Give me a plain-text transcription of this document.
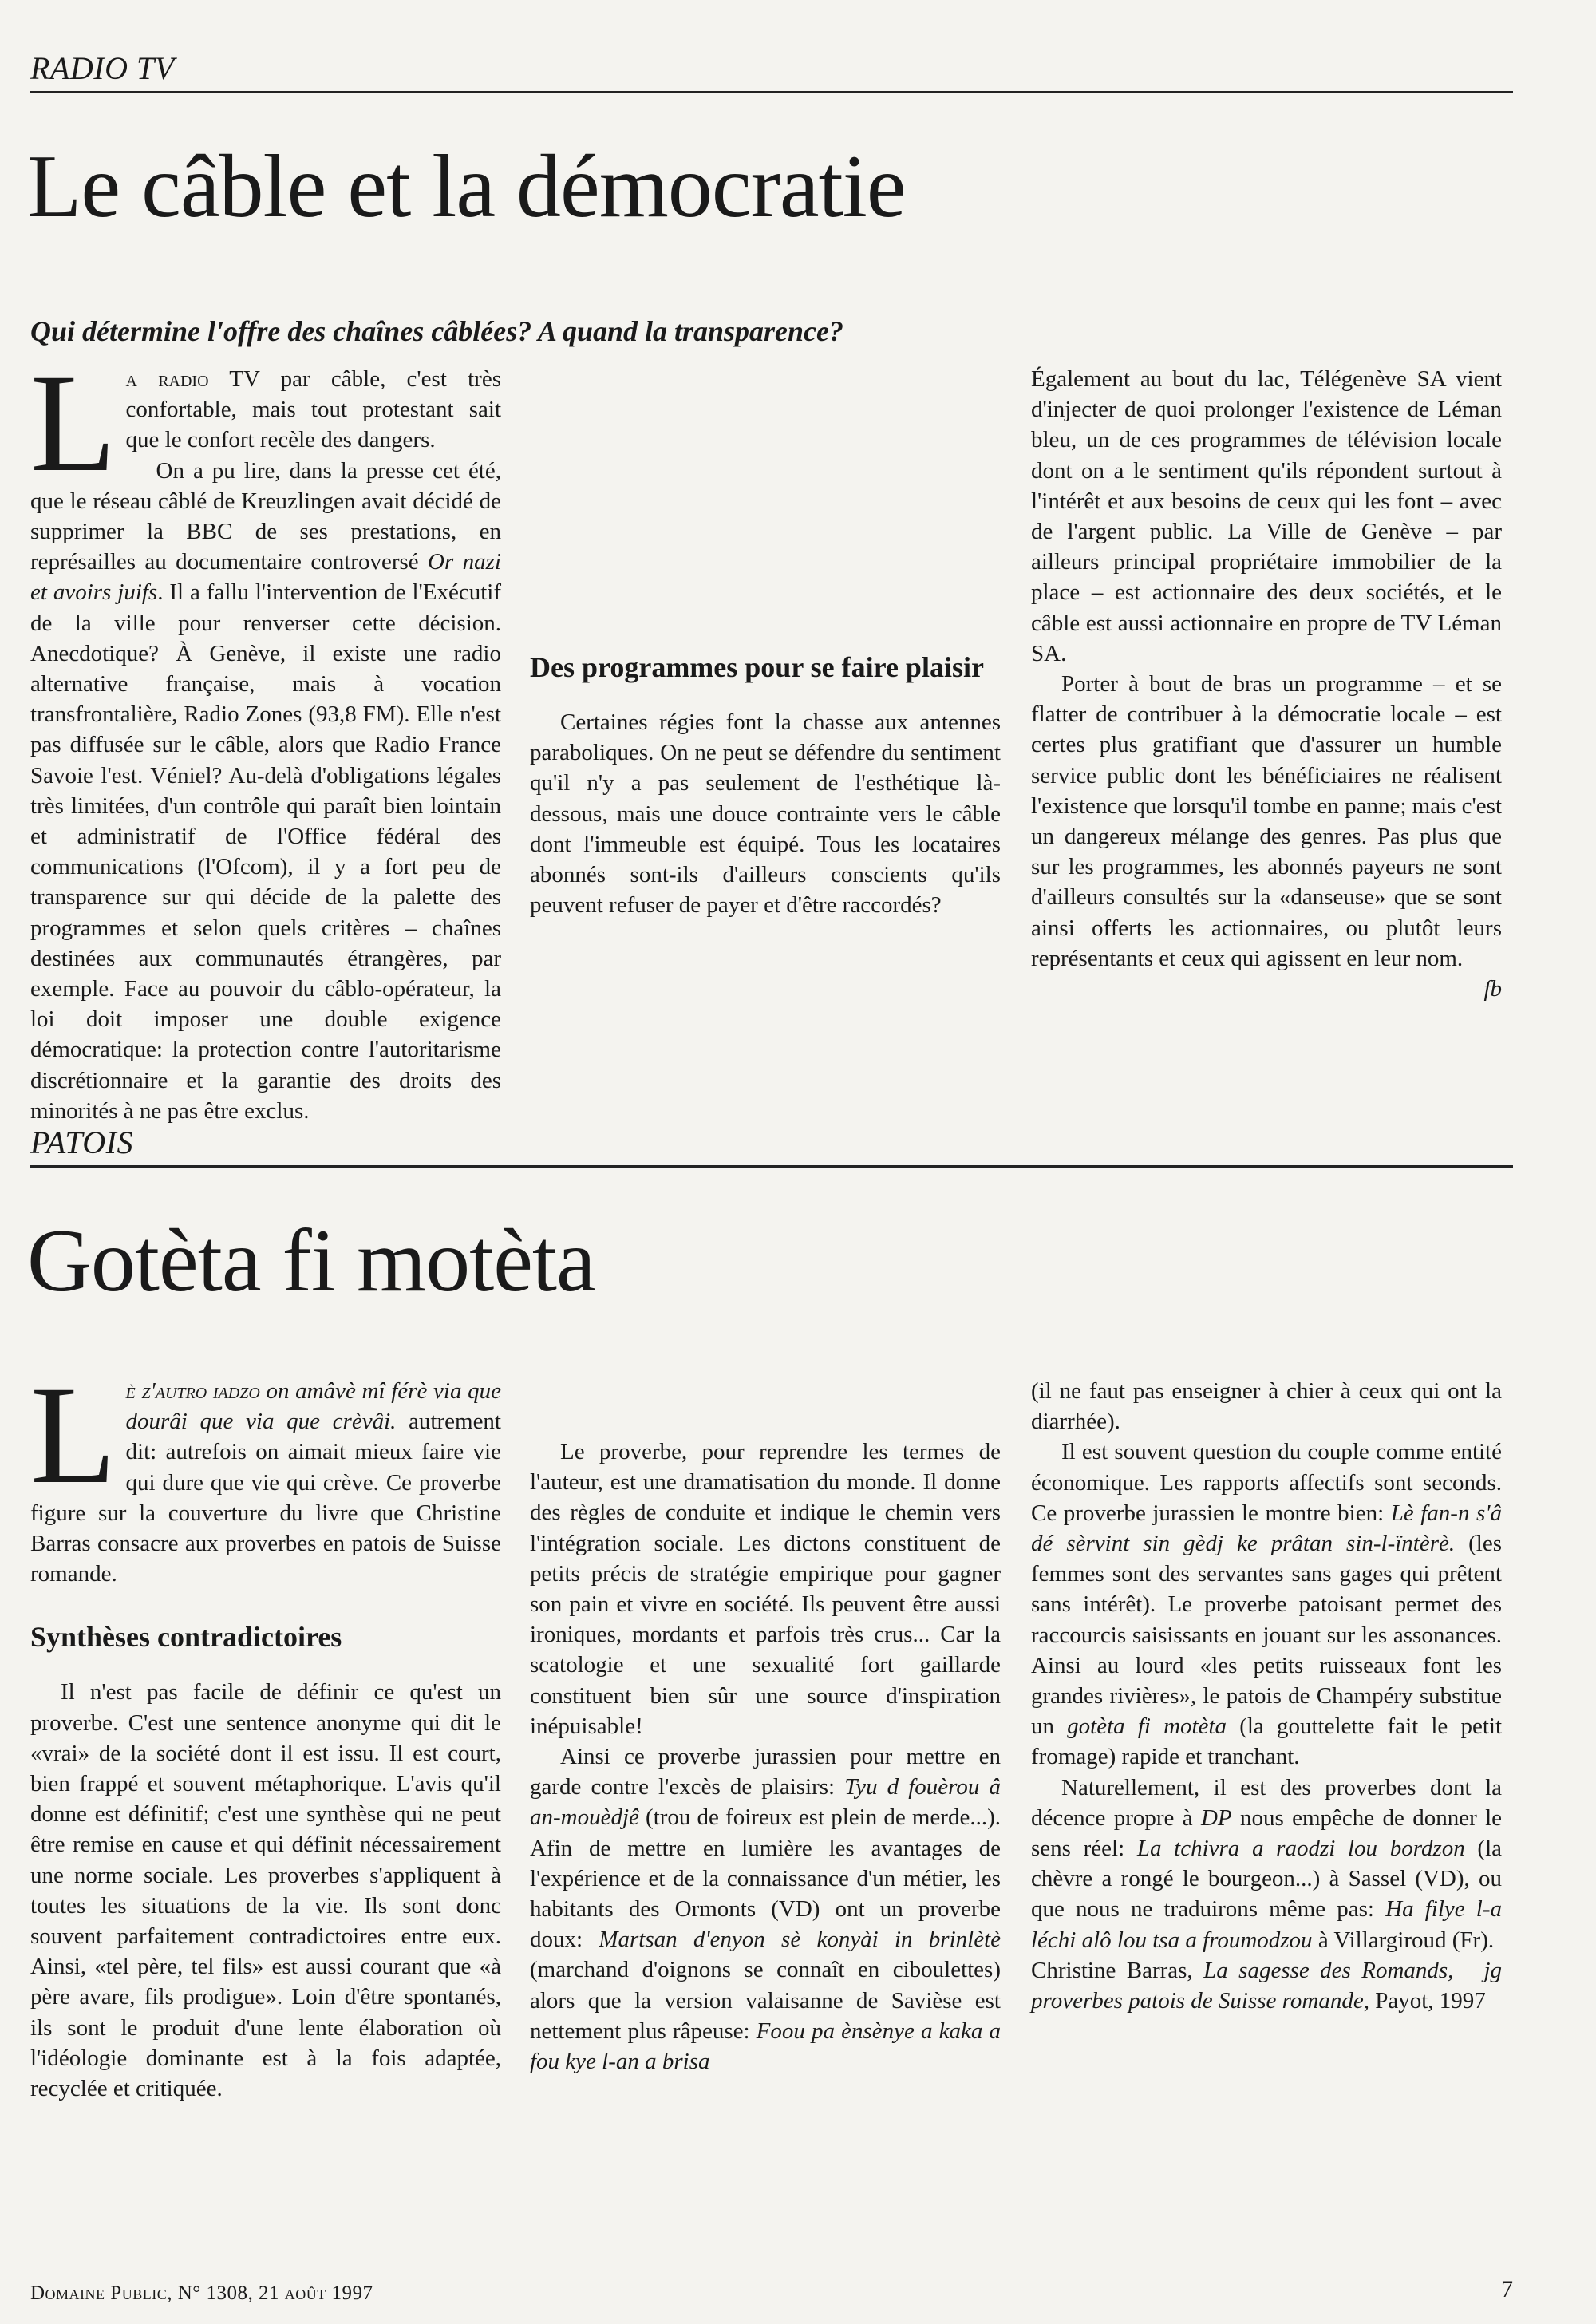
RADIO TV
Le câble et la démocratie
Qui détermine l'offre des chaînes câblées? A quand la transparence?

La radio TV par câble, c'est très confortable, mais tout protestant sait que le confort recèle des dangers.

On a pu lire, dans la presse cet été, que le réseau câblé de Kreuzlingen avait décidé de supprimer la BBC de ses prestations, en représailles au documentaire controversé Or nazi et avoirs juifs. Il a fallu l'intervention de l'Exécutif de la ville pour renverser cette décision. Anecdotique? À Genève, il existe une radio alternative française, mais à vocation transfrontalière, Radio Zones (93,8 FM). Elle n'est pas diffusée sur le câble, alors que Radio France Savoie l'est. Véniel? Au-delà d'obligations légales très limitées, d'un contrôle qui paraît bien lointain et administratif de l'Office fédéral des communications (l'Ofcom), il y a fort peu de transparence sur qui décide de la palette des programmes et selon quels critères – chaînes destinées aux communautés étrangères, par exemple. Face au pouvoir du câblo-opérateur, la loi doit imposer une double exigence démocratique: la protection contre l'autoritarisme discrétionnaire et la garantie des droits des minorités à ne pas être exclus.

Des programmes pour se faire plaisir

Certaines régies font la chasse aux antennes paraboliques. On ne peut se défendre du sentiment qu'il n'y a pas seulement de l'esthétique là-dessous, mais une douce contrainte vers le câble dont l'immeuble est équipé. Tous les locataires abonnés sont-ils d'ailleurs conscients qu'ils peuvent refuser de payer et d'être raccordés?

Également au bout du lac, Télégenève SA vient d'injecter de quoi prolonger l'existence de Léman bleu, un de ces programmes de télévision locale dont on a le sentiment qu'ils répondent surtout à l'intérêt et aux besoins de ceux qui les font – avec de l'argent public. La Ville de Genève – par ailleurs principal propriétaire immobilier de la place – est actionnaire des deux sociétés, et le câble est aussi actionnaire en propre de TV Léman SA.

Porter à bout de bras un programme – et se flatter de contribuer à la démocratie locale – est certes plus gratifiant que d'assurer un humble service public dont les bénéficiaires ne réalisent l'existence que lorsqu'il tombe en panne; mais c'est un dangereux mélange des genres. Pas plus que sur les programmes, les abonnés payeurs ne sont d'ailleurs consultés sur la «danseuse» que se sont ainsi offerts les actionnaires, ou plutôt leurs représentants et ceux qui agissent en leur nom.
fb

PATOIS
Gotèta fi motèta

Lè z'autro iadzo on amâvè mî férè via que dourâi que via que crèvâi. autrement dit: autrefois on aimait mieux faire vie qui dure que vie qui crève. Ce proverbe figure sur la couverture du livre que Christine Barras consacre aux proverbes en patois de Suisse romande.

Synthèses contradictoires

Il n'est pas facile de définir ce qu'est un proverbe. C'est une sentence anonyme qui dit le «vrai» de la société dont il est issu. Il est court, bien frappé et souvent métaphorique. L'avis qu'il donne est définitif; c'est une synthèse qui ne peut être remise en cause et qui définit nécessairement une norme sociale. Les proverbes s'appliquent à toutes les situations de la vie. Ils sont donc souvent parfaitement contradictoires entre eux. Ainsi, «tel père, tel fils» est aussi courant que «à père avare, fils prodigue». Loin d'être spontanés, ils sont le produit d'une lente élaboration où l'idéologie dominante est à la fois adaptée, recyclée et critiquée.

Le proverbe, pour reprendre les termes de l'auteur, est une dramatisation du monde. Il donne des règles de conduite et indique le chemin vers l'intégration sociale. Les dictons constituent de petits précis de stratégie empirique pour gagner son pain et vivre en société. Ils peuvent être aussi ironiques, mordants et parfois très crus... Car la scatologie et une sexualité fort gaillarde constituent bien sûr une source d'inspiration inépuisable!

Ainsi ce proverbe jurassien pour mettre en garde contre l'excès de plaisirs: Tyu d fouèrou â an-mouèdjê (trou de foireux est plein de merde...). Afin de mettre en lumière les avantages de l'expérience et de la connaissance d'un métier, les habitants des Ormonts (VD) ont un proverbe doux: Martsan d'enyon sè konyài in brinlètè (marchand d'oignons se connaît en ciboulettes) alors que la version valaisanne de Savièse est nettement plus râpeuse: Foou pa ènsènye a kaka a fou kye l-an a brisa

(il ne faut pas enseigner à chier à ceux qui ont la diarrhée).

Il est souvent question du couple comme entité économique. Les rapports affectifs sont seconds. Ce proverbe jurassien le montre bien: Lè fan-n s'â dé sèrvint sin gèdj ke prâtan sin-l-ïntèrè. (les femmes sont des servantes sans gages qui prêtent sans intérêt). Le proverbe patoisant permet des raccourcis saisissants en jouant sur les assonances. Ainsi au lourd «les petits ruisseaux font les grandes rivières», le patois de Champéry substitue un gotèta fi motèta (la gouttelette fait le petit fromage) rapide et tranchant.

Naturellement, il est des proverbes dont la décence propre à DP nous empêche de donner le sens réel: La tchivra a raodzi lou bordzon (la chèvre a rongé le bourgeon...) à Sassel (VD), ou que nous ne traduirons même pas: Ha filye l-a léchi alô lou tsa a froumodzou à Villargiroud (Fr).
jg

Christine Barras, La sagesse des Romands, proverbes patois de Suisse romande, Payot, 1997

Domaine Public, N° 1308, 21 août 1997	7
